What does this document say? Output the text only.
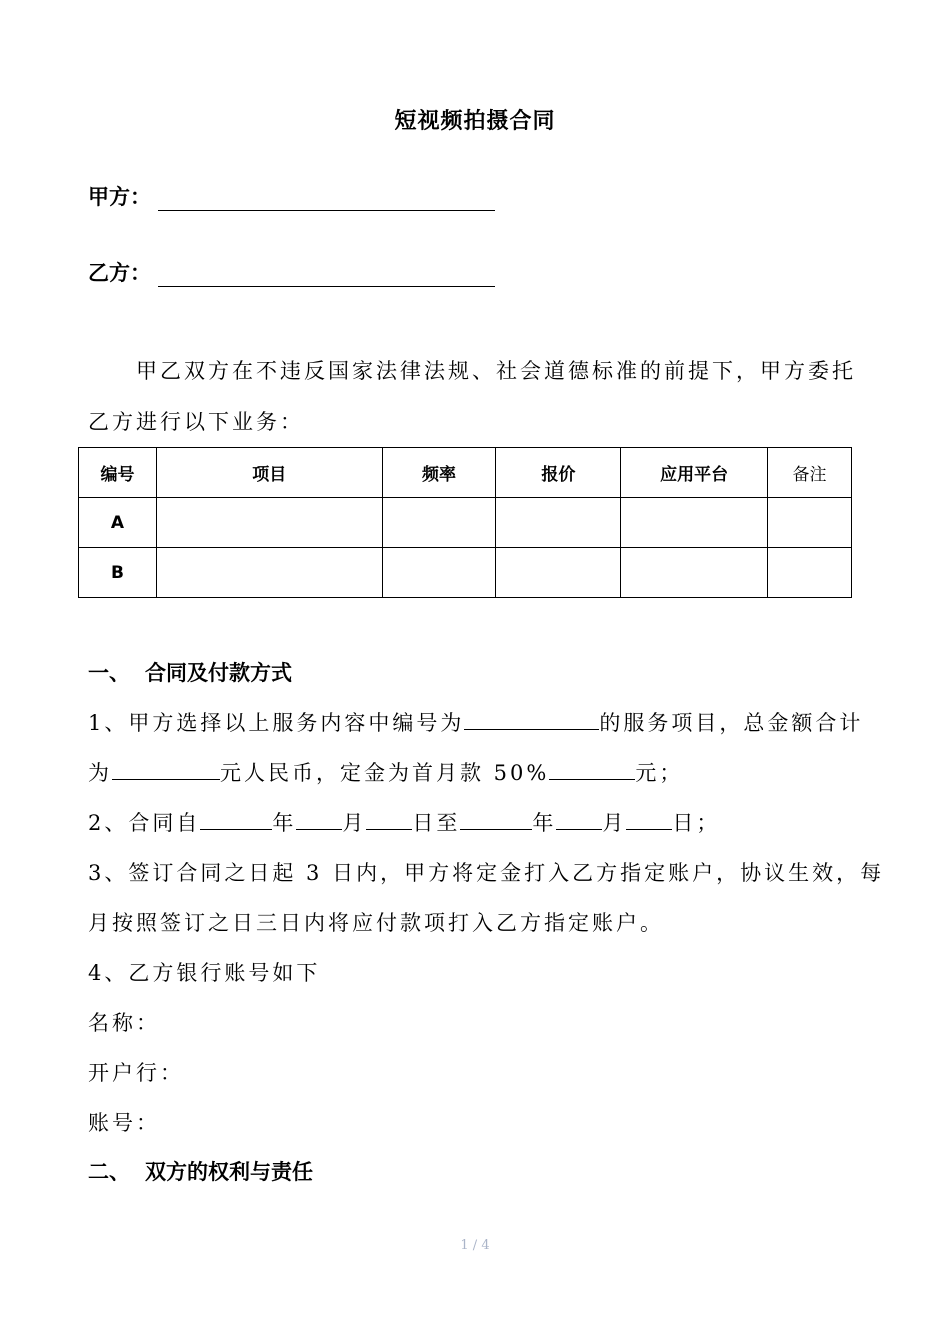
短视频拍摄合同
甲方：
乙方：
甲乙双方在不违反国家法律法规、社会道德标准的前提下，甲方委托
乙方进行以下业务：
编号	项目	频率	报价	应用平台	备注
A					
B					
一、 合同及付款方式
1、甲方选择以上服务内容中编号为	的服务项目，总金额合计
为	元人民币，定金为首月款 50%	元；
2、合同自	年 月 日至	年 月 日；
3、签订合同之日起 3 日内，甲方将定金打入乙方指定账户，协议生效，每
月按照签订之日三日内将应付款项打入乙方指定账户。
4、乙方银行账号如下
名称：
开户行：
账号：
二、 双方的权利与责任
1 / 4
